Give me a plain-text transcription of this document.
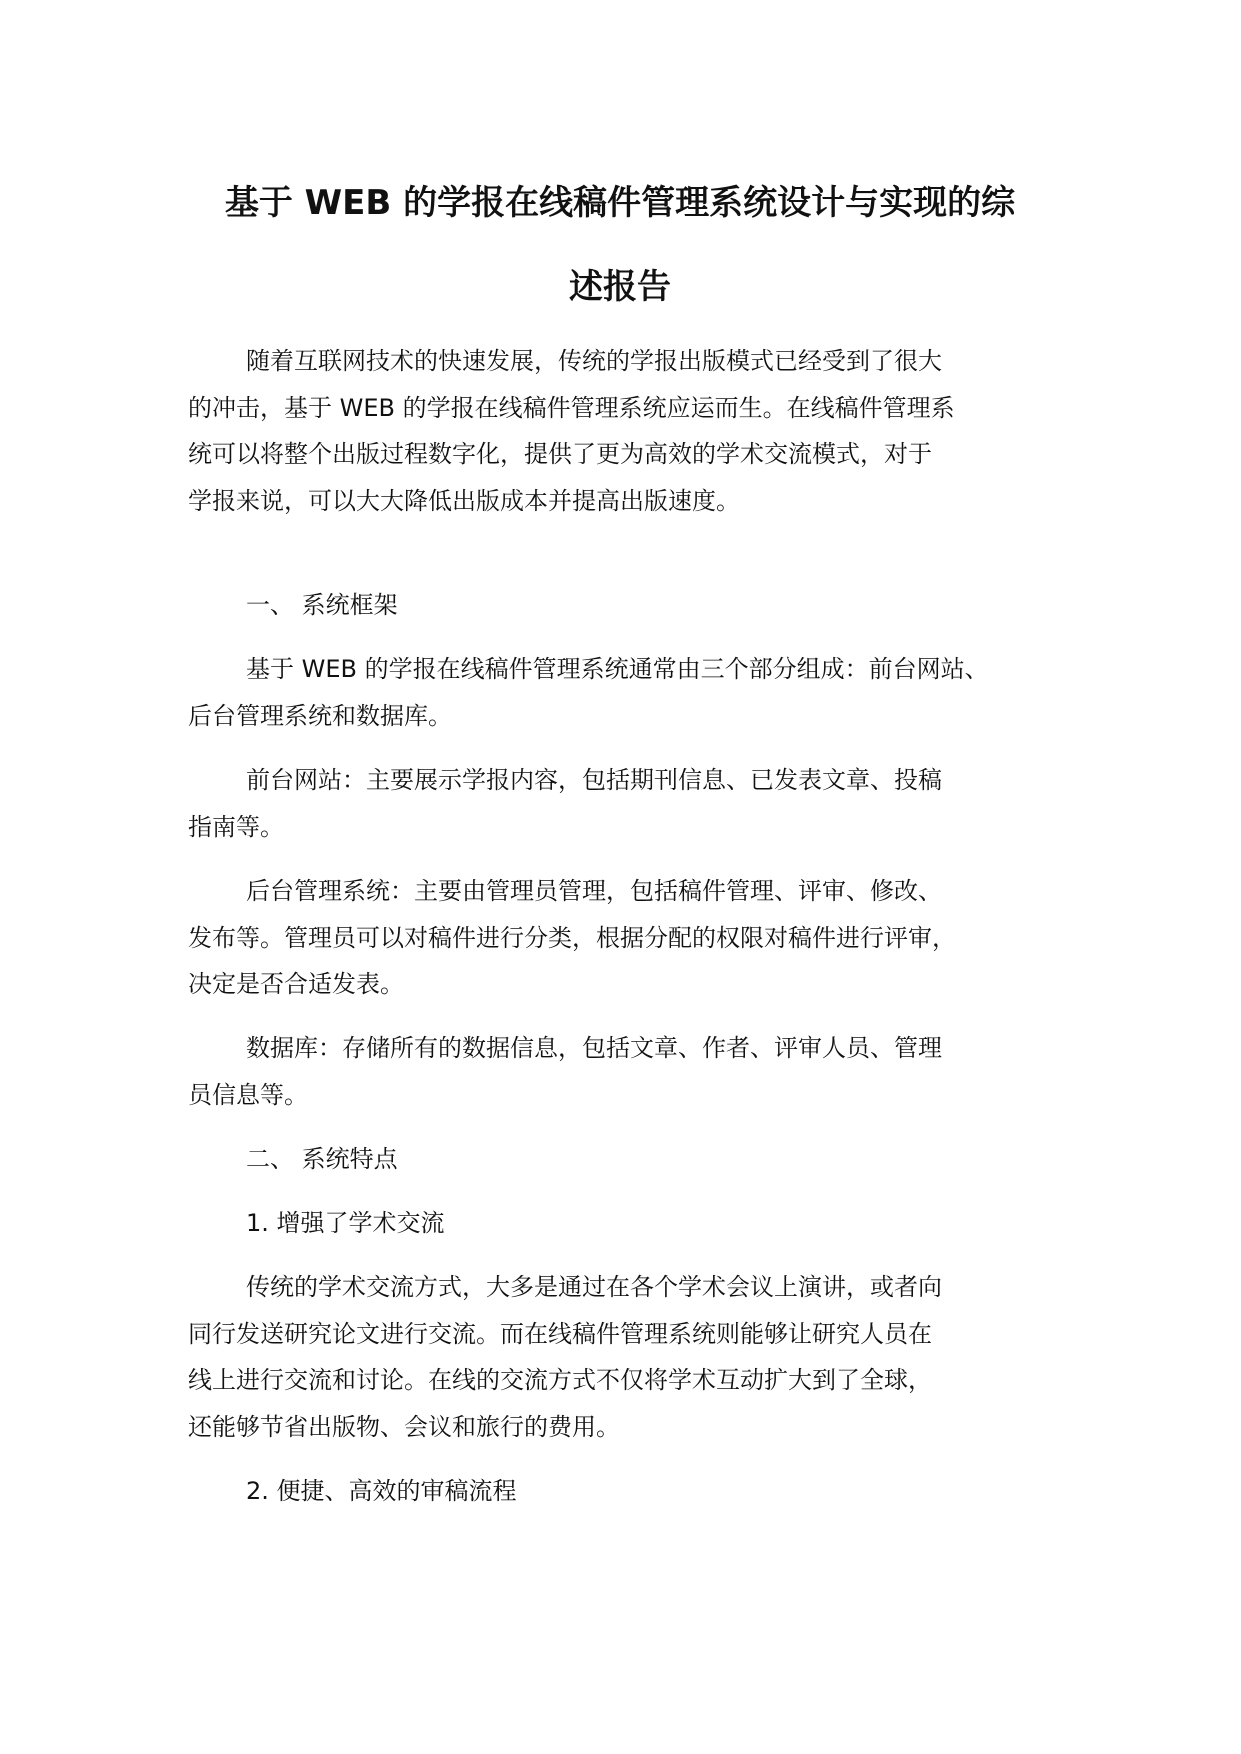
基于 WEB 的学报在线稿件管理系统设计与实现的综
述报告

随着互联网技术的快速发展，传统的学报出版模式已经受到了很大
的冲击，基于 WEB 的学报在线稿件管理系统应运而生。在线稿件管理系
统可以将整个出版过程数字化，提供了更为高效的学术交流模式，对于
学报来说，可以大大降低出版成本并提高出版速度。

一、 系统框架

基于 WEB 的学报在线稿件管理系统通常由三个部分组成：前台网站、
后台管理系统和数据库。

前台网站：主要展示学报内容，包括期刊信息、已发表文章、投稿
指南等。

后台管理系统：主要由管理员管理，包括稿件管理、评审、修改、
发布等。管理员可以对稿件进行分类，根据分配的权限对稿件进行评审，
决定是否合适发表。

数据库：存储所有的数据信息，包括文章、作者、评审人员、管理
员信息等。

二、 系统特点

1. 增强了学术交流

传统的学术交流方式，大多是通过在各个学术会议上演讲，或者向
同行发送研究论文进行交流。而在线稿件管理系统则能够让研究人员在
线上进行交流和讨论。在线的交流方式不仅将学术互动扩大到了全球，
还能够节省出版物、会议和旅行的费用。

2. 便捷、高效的审稿流程
